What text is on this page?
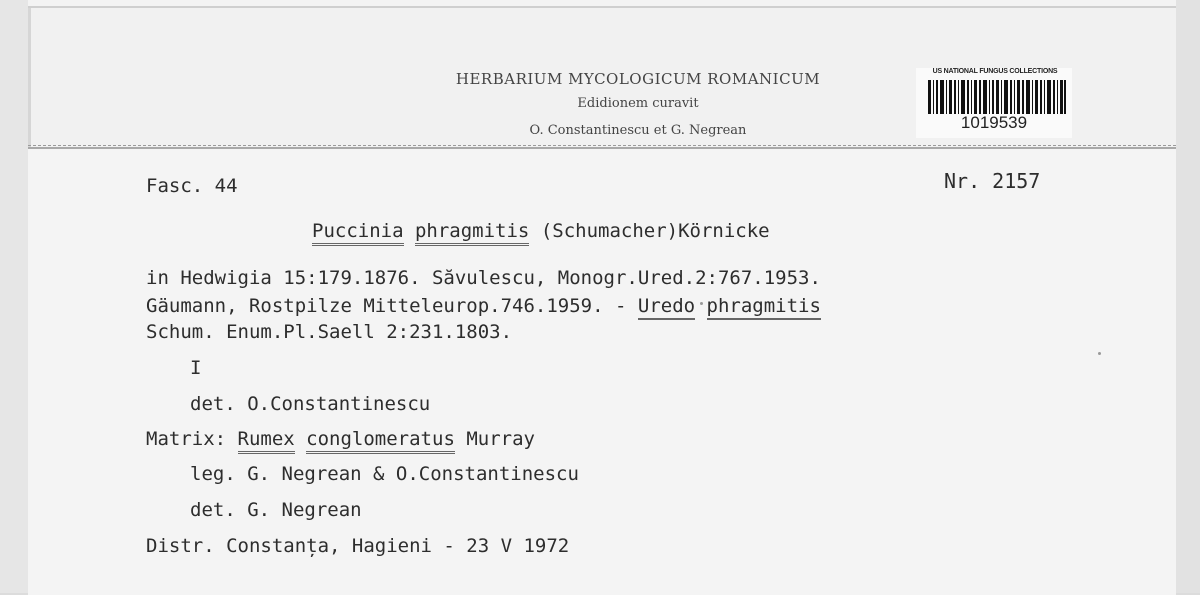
HERBARIUM MYCOLOGICUM ROMANICUM
Edidionem curavit
O. Constantinescu et G. Negrean
US NATIONAL FUNGUS COLLECTIONS
1019539
Fasc. 44	Nr. 2157
Puccinia phragmitis (Schumacher)Körnicke
in Hedwigia 15:179.1876. Săvulescu, Monogr.Ured.2:767.1953.
Gäumann, Rostpilze Mitteleurop.746.1959. - Uredo phragmitis
Schum. Enum.Pl.Saell 2:231.1803.
I
det. O.Constantinescu
Matrix: Rumex conglomeratus Murray
leg. G. Negrean & O.Constantinescu
det. G. Negrean
Distr. Constanța, Hagieni - 23 V 1972
